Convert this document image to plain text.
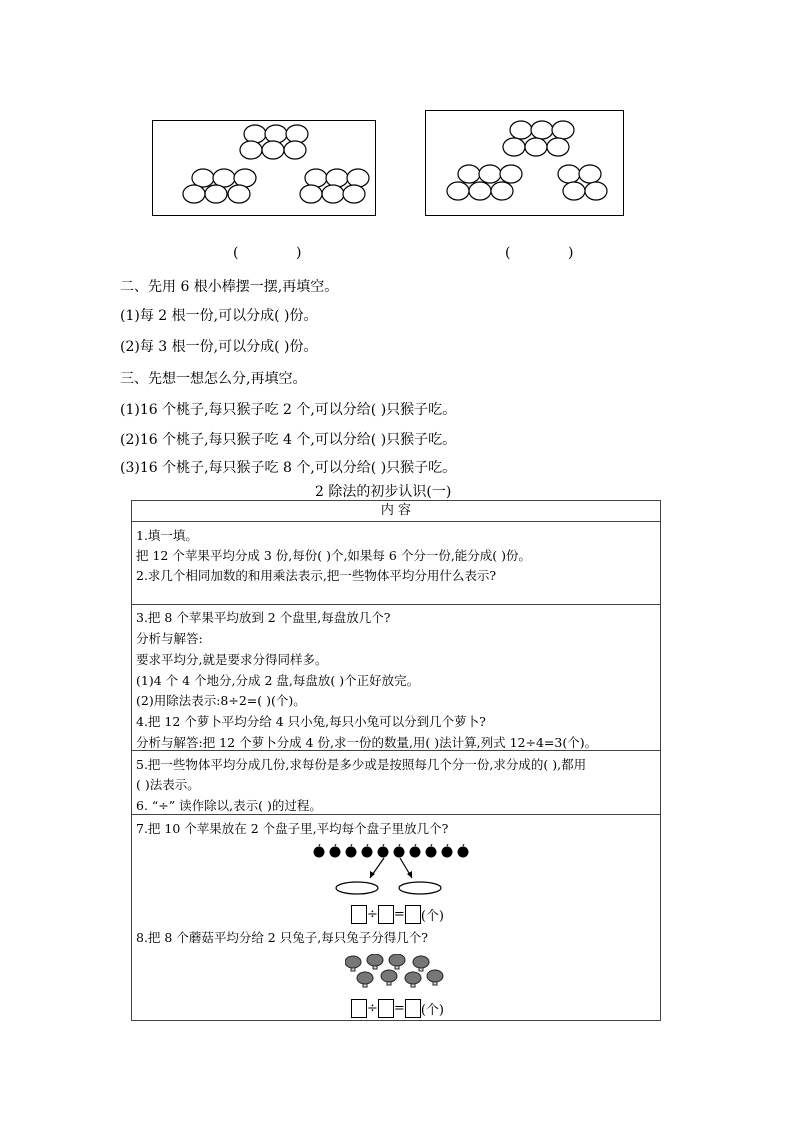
(	)	(	)
二、先用 6 根小棒摆一摆,再填空。
(1)每 2 根一份,可以分成( )份。
(2)每 3 根一份,可以分成( )份。
三、先想一想怎么分,再填空。
(1)16 个桃子,每只猴子吃 2 个,可以分给( )只猴子吃。
(2)16 个桃子,每只猴子吃 4 个,可以分给( )只猴子吃。
(3)16 个桃子,每只猴子吃 8 个,可以分给( )只猴子吃。
2 除法的初步认识(一)
内 容
1.填一填。
把 12 个苹果平均分成 3 份,每份( )个,如果每 6 个分一份,能分成( )份。
2.求几个相同加数的和用乘法表示,把一些物体平均分用什么表示?
3.把 8 个苹果平均放到 2 个盘里,每盘放几个?
分析与解答:
要求平均分,就是要求分得同样多。
(1)4 个 4 个地分,分成 2 盘,每盘放( )个正好放完。
(2)用除法表示:8÷2=( )(个)。
4.把 12 个萝卜平均分给 4 只小兔,每只小兔可以分到几个萝卜?
分析与解答:把 12 个萝卜分成 4 份,求一份的数量,用( )法计算,列式 12÷4=3(个)。
5.把一些物体平均分成几份,求每份是多少或是按照每几个分一份,求分成的( ),都用
( )法表示。
6. “÷” 读作除以,表示( )的过程。
7.把 10 个苹果放在 2 个盘子里,平均每个盘子里放几个?
÷ = (个)
8.把 8 个蘑菇平均分给 2 只兔子,每只兔子分得几个?
÷ = (个)
